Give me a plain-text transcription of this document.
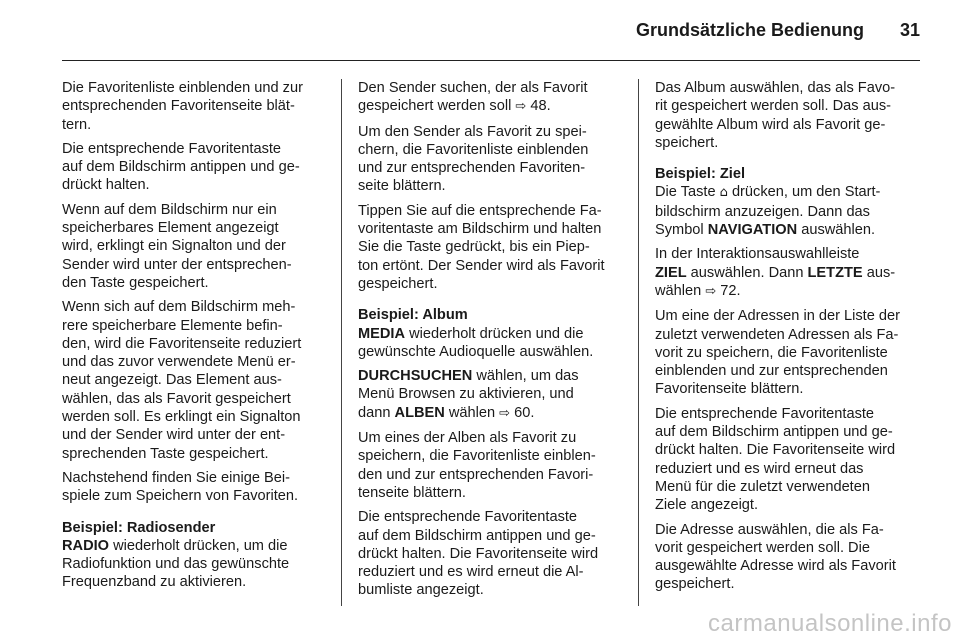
Grundsätzliche Bedienung 31

Die Favoritenliste einblenden und zur
entsprechenden Favoritenseite blät-
tern.

Die entsprechende Favoritentaste
auf dem Bildschirm antippen und ge-
drückt halten.

Wenn auf dem Bildschirm nur ein
speicherbares Element angezeigt
wird, erklingt ein Signalton und der
Sender wird unter der entsprechen-
den Taste gespeichert.

Wenn sich auf dem Bildschirm meh-
rere speicherbare Elemente befin-
den, wird die Favoritenseite reduziert
und das zuvor verwendete Menü er-
neut angezeigt. Das Element aus-
wählen, das als Favorit gespeichert
werden soll. Es erklingt ein Signalton
und der Sender wird unter der ent-
sprechenden Taste gespeichert.

Nachstehend finden Sie einige Bei-
spiele zum Speichern von Favoriten.

Beispiel: Radiosender
RADIO wiederholt drücken, um die
Radiofunktion und das gewünschte
Frequenzband zu aktivieren.

Den Sender suchen, der als Favorit
gespeichert werden soll ⇨ 48.

Um den Sender als Favorit zu spei-
chern, die Favoritenliste einblenden
und zur entsprechenden Favoriten-
seite blättern.

Tippen Sie auf die entsprechende Fa-
voritentaste am Bildschirm und halten
Sie die Taste gedrückt, bis ein Piep-
ton ertönt. Der Sender wird als Favorit
gespeichert.

Beispiel: Album
MEDIA wiederholt drücken und die
gewünschte Audioquelle auswählen.

DURCHSUCHEN wählen, um das
Menü Browsen zu aktivieren, und
dann ALBEN wählen ⇨ 60.

Um eines der Alben als Favorit zu
speichern, die Favoritenliste einblen-
den und zur entsprechenden Favori-
tenseite blättern.

Die entsprechende Favoritentaste
auf dem Bildschirm antippen und ge-
drückt halten. Die Favoritenseite wird
reduziert und es wird erneut die Al-
bumliste angezeigt.

Das Album auswählen, das als Favo-
rit gespeichert werden soll. Das aus-
gewählte Album wird als Favorit ge-
speichert.

Beispiel: Ziel
Die Taste ⌂ drücken, um den Start-
bildschirm anzuzeigen. Dann das
Symbol NAVIGATION auswählen.

In der Interaktionsauswahlleiste
ZIEL auswählen. Dann LETZTE aus-
wählen ⇨ 72.

Um eine der Adressen in der Liste der
zuletzt verwendeten Adressen als Fa-
vorit zu speichern, die Favoritenliste
einblenden und zur entsprechenden
Favoritenseite blättern.

Die entsprechende Favoritentaste
auf dem Bildschirm antippen und ge-
drückt halten. Die Favoritenseite wird
reduziert und es wird erneut das
Menü für die zuletzt verwendeten
Ziele angezeigt.

Die Adresse auswählen, die als Fa-
vorit gespeichert werden soll. Die
ausgewählte Adresse wird als Favorit
gespeichert.

carmanualsonline.info
